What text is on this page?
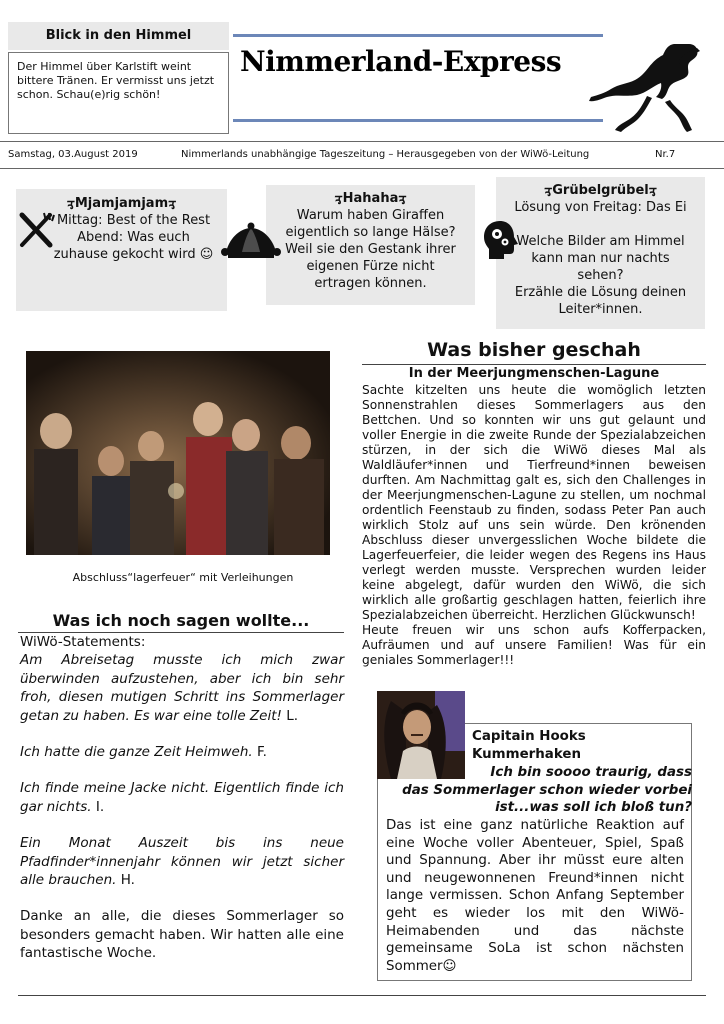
Blick in den Himmel
Der Himmel über Karlstift weint bittere Tränen. Er vermisst uns jetzt schon. Schau(e)rig schön!
Nimmerland-Express
Samstag, 03.August 2019	Nimmerlands unabhängige Tageszeitung – Herausgegeben von der WiWö-Leitung	Nr.7
ᢋMjamjamjamᢋ
Mittag: Best of the Rest
Abend: Was euch
zuhause gekocht wird ☺
ᢋHahahaᢋ
Warum haben Giraffen
eigentlich so lange Hälse?
Weil sie den Gestank ihrer
eigenen Fürze nicht
ertragen können.
ᢋGrübelgrübelᢋ
Lösung von Freitag: Das Ei
Welche Bilder am Himmel
kann man nur nachts
sehen?
Erzähle die Lösung deinen
Leiter*innen.
Abschluss“lagerfeuer“ mit Verleihungen
Was bisher geschah
In der Meerjungmenschen-Lagune

Sachte kitzelten uns heute die womöglich letzten Sonnenstrahlen dieses Sommerlagers aus den Bettchen. Und so konnten wir uns gut gelaunt und voller Energie in die zweite Runde der Spezialabzeichen stürzen, in der sich die WiWö dieses Mal als Waldläufer*innen und Tierfreund*innen beweisen durften. Am Nachmittag galt es, sich den Challenges in der Meerjungmenschen-Lagune zu stellen, um nochmal ordentlich Feenstaub zu finden, sodass Peter Pan auch wirklich Stolz auf uns sein würde. Den krönenden Abschluss dieser unvergesslichen Woche bildete die Lagerfeuerfeier, die leider wegen des Regens ins Haus verlegt werden musste. Versprechen wurden leider keine abgelegt, dafür wurden den WiWö, die sich wirklich alle großartig geschlagen hatten, feierlich ihre Spezialabzeichen überreicht. Herzlichen Glückwunsch!

Heute freuen wir uns schon aufs Kofferpacken, Aufräumen und auf unsere Familien! Was für ein geniales Sommerlager!!!

Was ich noch sagen wollte...

WiWö-Statements:

Am Abreisetag musste ich mich zwar überwinden aufzustehen, aber ich bin sehr froh, diesen mutigen Schritt ins Sommerlager getan zu haben. Es war eine tolle Zeit! L.

Ich hatte die ganze Zeit Heimweh. F.

Ich finde meine Jacke nicht. Eigentlich finde ich gar nichts. I.

Ein Monat Auszeit bis ins neue Pfadfinder*innenjahr können wir jetzt sicher alle brauchen. H.

Danke an alle, die dieses Sommerlager so besonders gemacht haben. Wir hatten alle eine fantastische Woche.

Capitain Hooks
Kummerhaken
Ich bin soooo traurig, dass das Sommerlager schon wieder vorbei ist...was soll ich bloß tun?
Das ist eine ganz natürliche Reaktion auf eine Woche voller Abenteuer, Spiel, Spaß und Spannung. Aber ihr müsst eure alten und neugewonnenen Freund*innen nicht lange vermissen. Schon Anfang September geht es wieder los mit den WiWö-Heimabenden und das nächste gemeinsame SoLa ist schon nächsten Sommer☺
